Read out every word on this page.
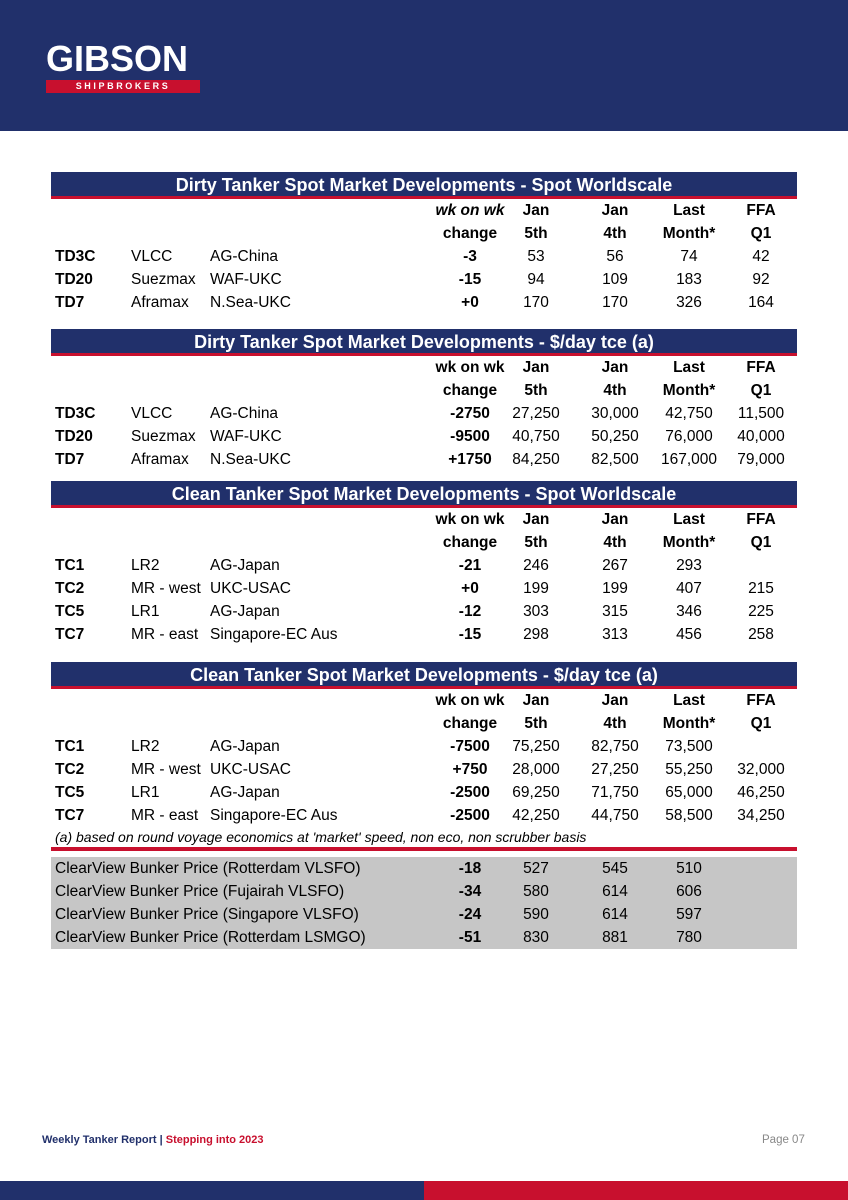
GIBSON
SHIPBROKERS
Dirty Tanker Spot Market Developments - Spot Worldscale
wk on wk	Jan	Jan	Last	FFA
change	5th	4th	Month*	Q1
TD3C VLCC AG-China	-3	53	56	74	42
TD20 Suezmax WAF-UKC	-15	94	109	183	92
TD7	Aframax N.Sea-UKC	+0	170	170	326	164
Dirty Tanker Spot Market Developments - $/day tce (a)
wk on wk	Jan	Jan	Last	FFA
change	5th	4th	Month*	Q1
TD3C VLCC AG-China	-2750	27,250	30,000	42,750	11,500
TD20 Suezmax WAF-UKC	-9500	40,750	50,250	76,000	40,000
TD7	Aframax N.Sea-UKC	+1750	84,250	82,500	167,000 79,000
Clean Tanker Spot Market Developments - Spot Worldscale
wk on wk	Jan	Jan	Last	FFA
change	5th	4th	Month*	Q1
TC1	LR2	AG-Japan	-21	246	267	293
TC2	MR - west UKC-USAC	+0	199	199	407	215
TC5	LR1	AG-Japan	-12	303	315	346	225
TC7	MR - east Singapore-EC Aus	-15	298	313	456	258
Clean Tanker Spot Market Developments - $/day tce (a)
wk on wk	Jan	Jan	Last	FFA
change	5th	4th	Month*	Q1
TC1	LR2	AG-Japan	-7500	75,250	82,750	73,500
TC2	MR - west UKC-USAC	+750	28,000	27,250	55,250	32,000
TC5	LR1	AG-Japan	-2500	69,250	71,750	65,000	46,250
TC7	MR - east Singapore-EC Aus	-2500	42,250	44,750	58,500	34,250
(a) based on round voyage economics at 'market' speed, non eco, non scrubber basis
ClearView Bunker Price (Rotterdam VLSFO)	-18	527	545	510
ClearView Bunker Price (Fujairah VLSFO)	-34	580	614	606
ClearView Bunker Price (Singapore VLSFO)	-24	590	614	597
ClearView Bunker Price (Rotterdam LSMGO)	-51	830	881	780
Weekly Tanker Report | Stepping into 2023	Page 07
